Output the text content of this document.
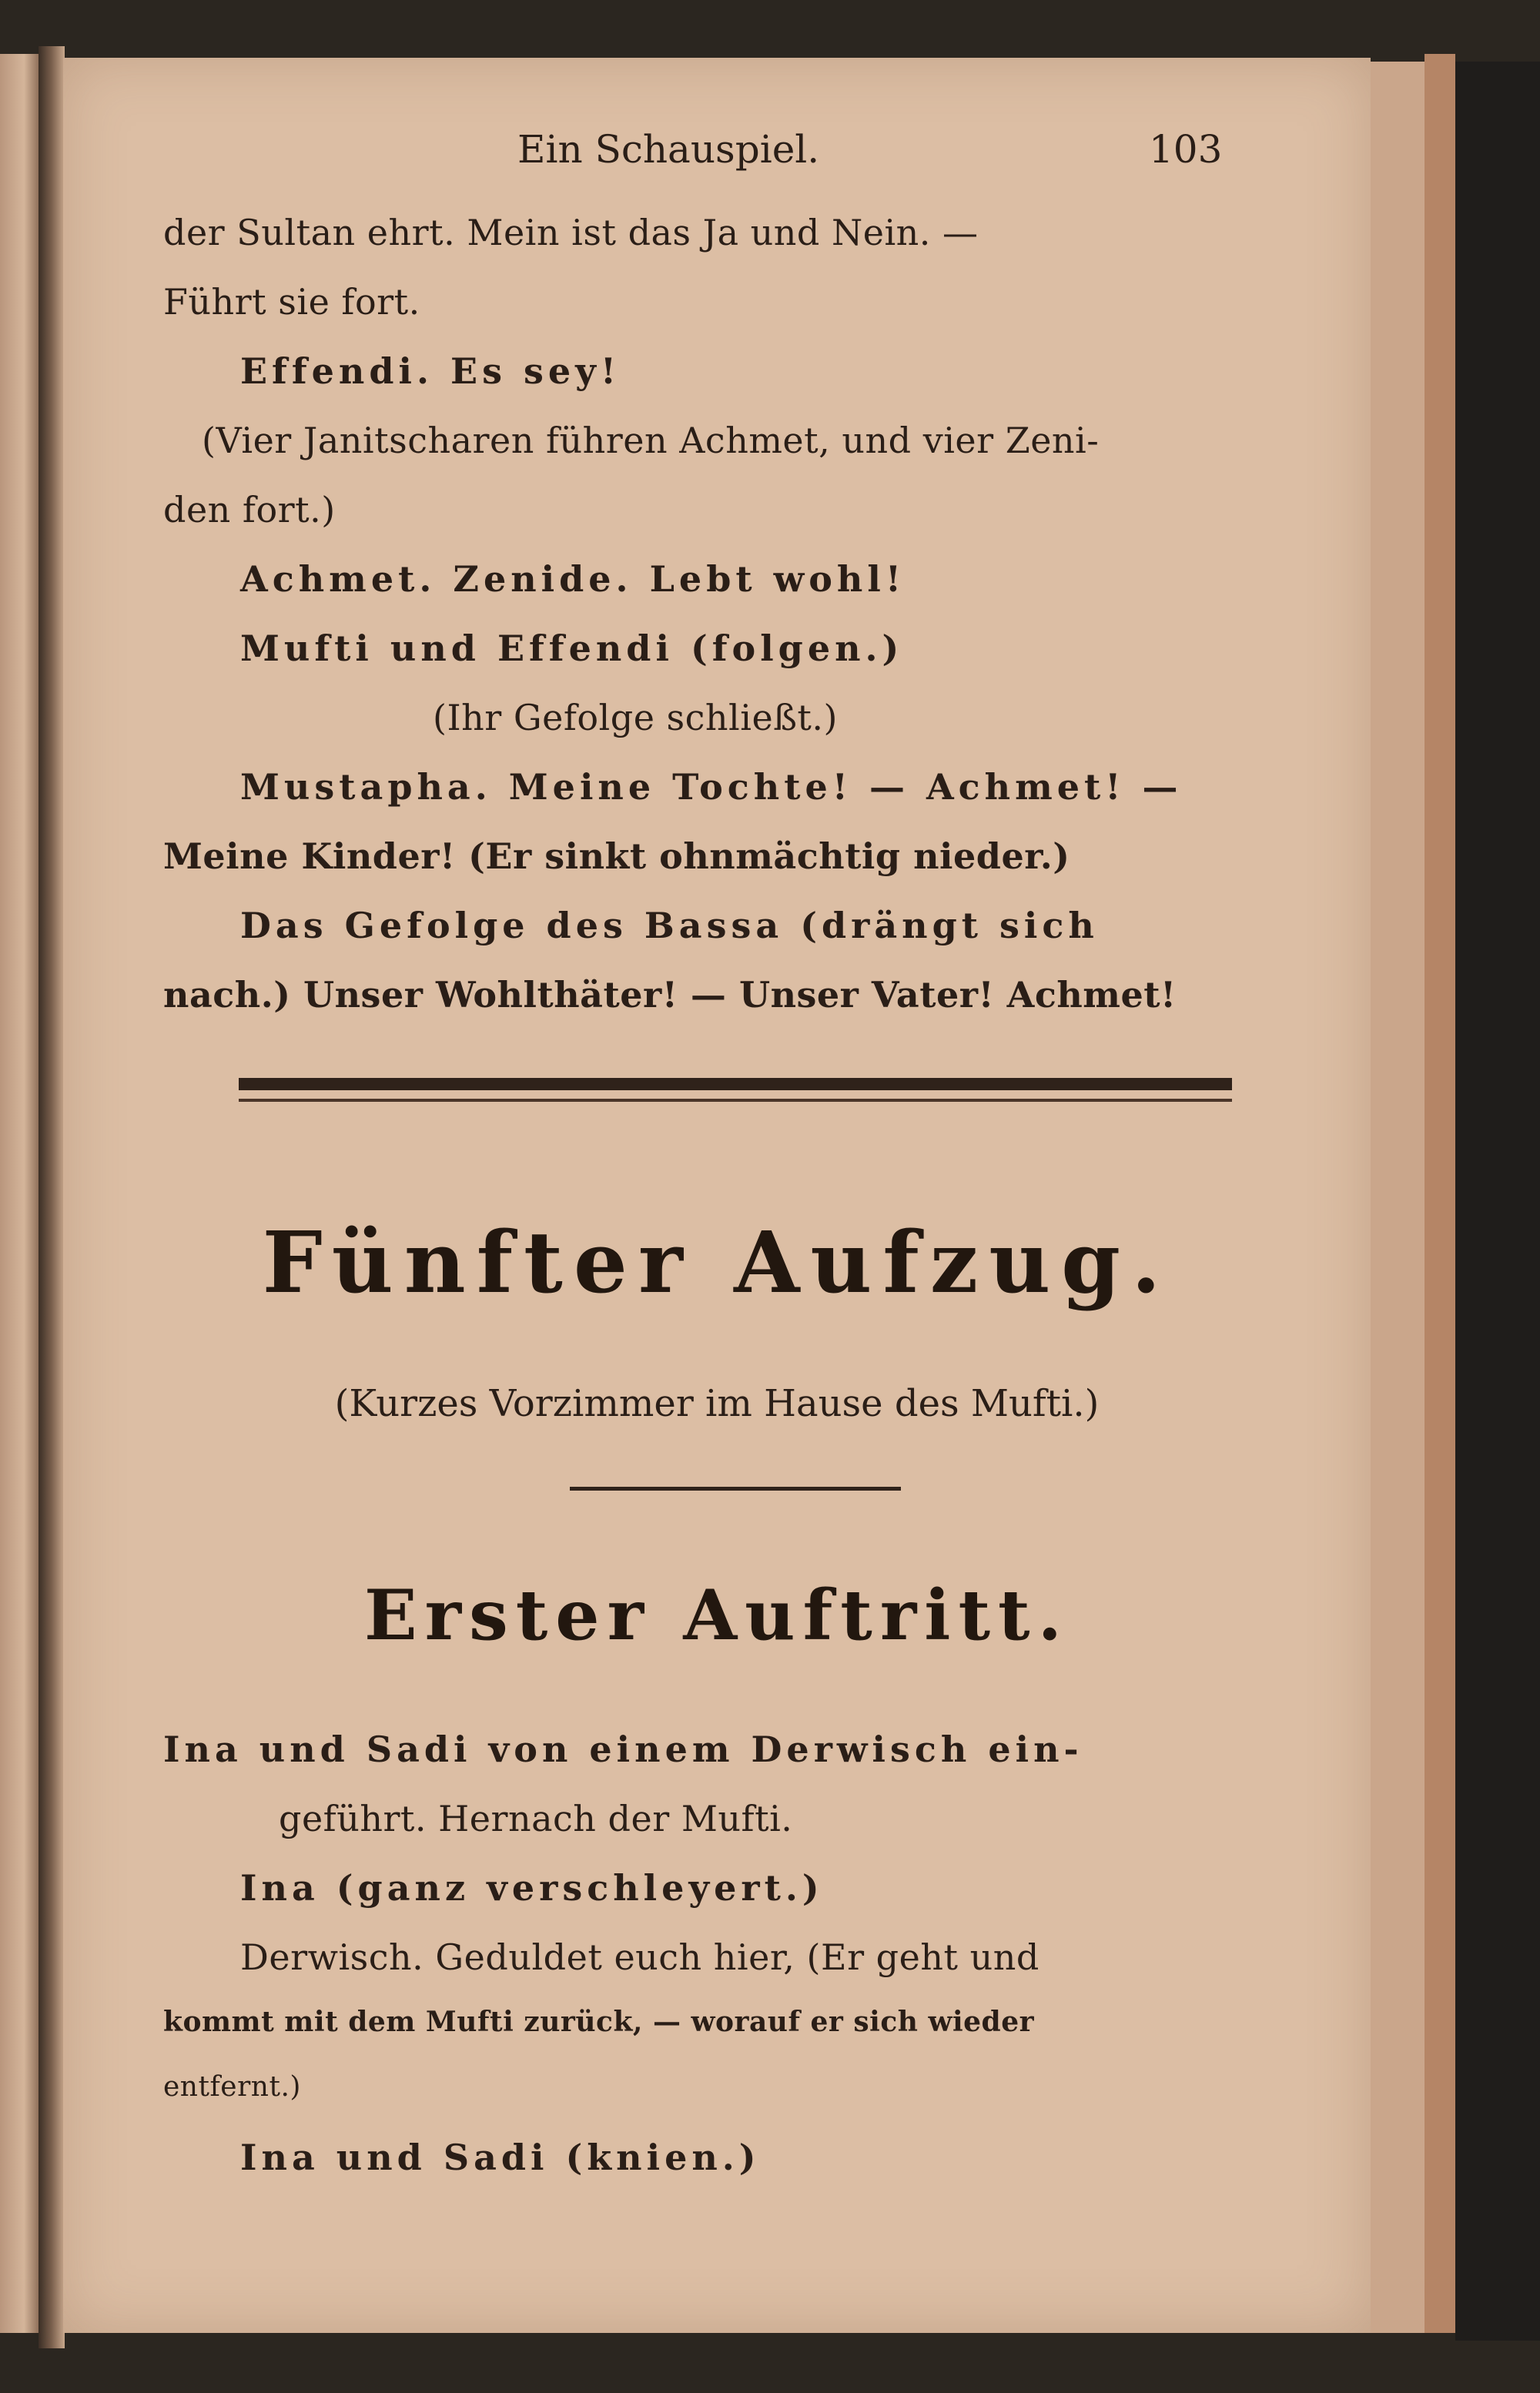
Ein Schauspiel.	103
der Sultan ehrt. Mein ist das Ja und Nein. —
Führt sie fort.
Effendi. Es sey!
(Vier Janitscharen führen Achmet, und vier Zeni-
den fort.)
Achmet. Zenide. Lebt wohl!
Mufti und Effendi (folgen.)
(Ihr Gefolge schließt.)
Mustapha. Meine Tochte! — Achmet! —
Meine Kinder! (Er sinkt ohnmächtig nieder.)
Das Gefolge des Bassa (drängt sich
nach.) Unser Wohlthäter! — Unser Vater! Achmet!
Fünfter Aufzug.
(Kurzes Vorzimmer im Hause des Mufti.)
Erster Auftritt.
Ina und Sadi von einem Derwisch ein-
geführt. Hernach der Mufti.
Ina (ganz verschleyert.)
Derwisch. Geduldet euch hier, (Er geht und
kommt mit dem Mufti zurück, — worauf er sich wieder
entfernt.)
Ina und Sadi (knien.)
